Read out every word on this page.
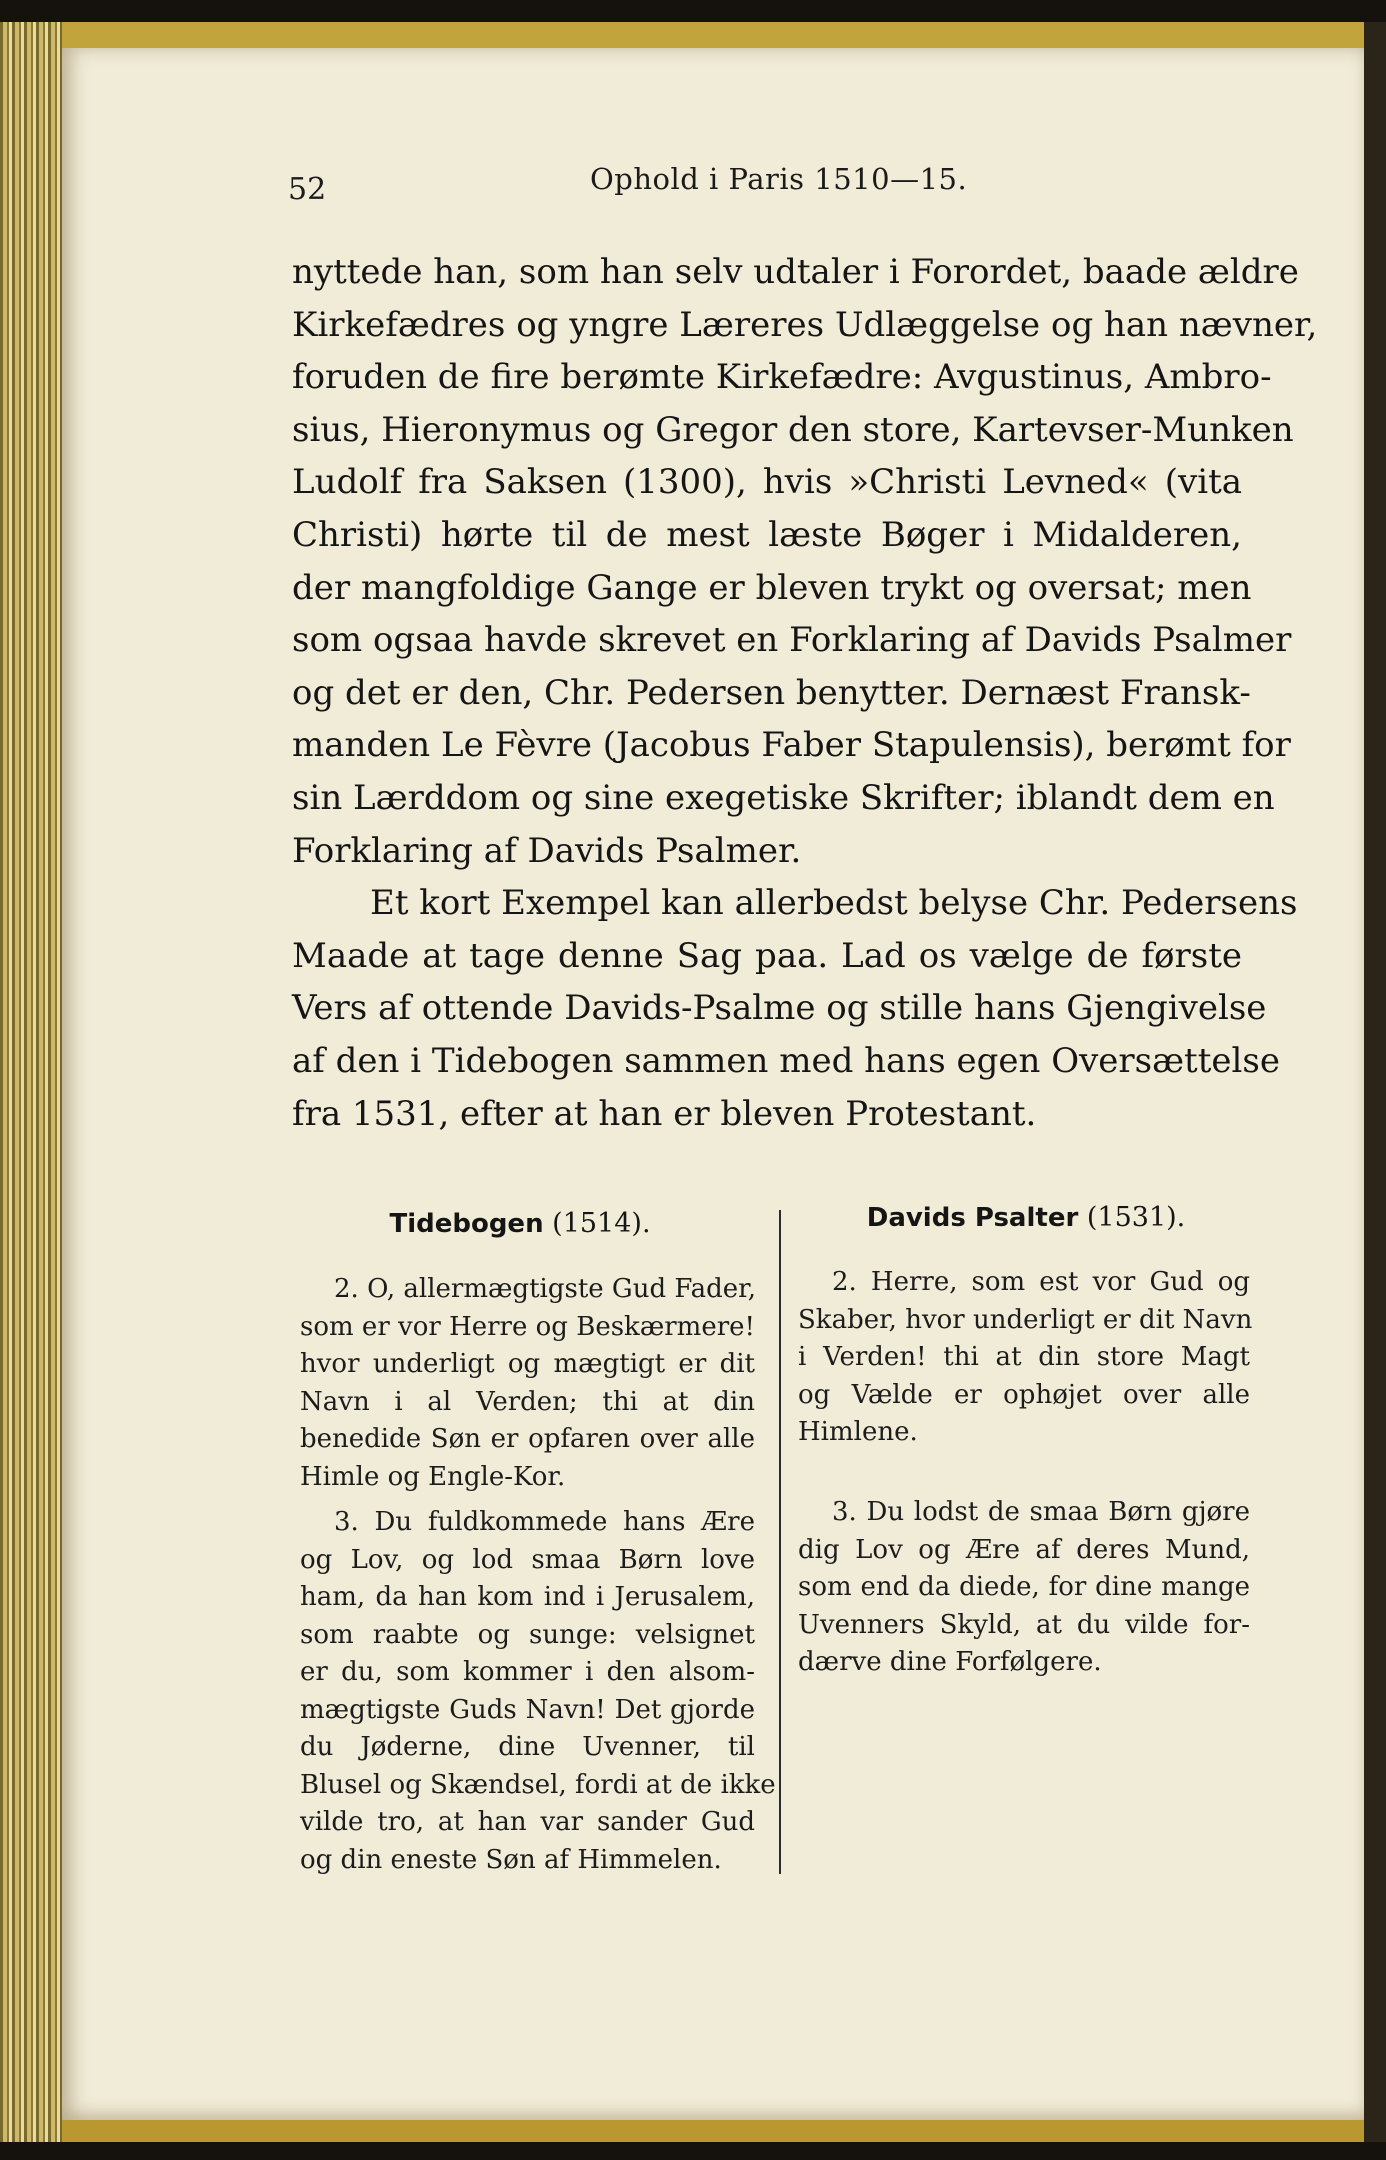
52	Ophold i Paris 1510—15.
nyttede han, som han selv udtaler i Forordet, baade ældre
Kirkefædres og yngre Læreres Udlæggelse og han nævner,
foruden de fire berømte Kirkefædre: Avgustinus, Ambro-
sius, Hieronymus og Gregor den store, Kartevser-Munken
Ludolf fra Saksen (1300), hvis »Christi Levned« (vita
Christi) hørte til de mest læste Bøger i Midalderen,
der mangfoldige Gange er bleven trykt og oversat; men
som ogsaa havde skrevet en Forklaring af Davids Psalmer
og det er den, Chr. Pedersen benytter. Dernæst Fransk-
manden Le Fèvre (Jacobus Faber Stapulensis), berømt for
sin Lærddom og sine exegetiske Skrifter; iblandt dem en
Forklaring af Davids Psalmer.
Et kort Exempel kan allerbedst belyse Chr. Pedersens
Maade at tage denne Sag paa. Lad os vælge de første
Vers af ottende Davids-Psalme og stille hans Gjengivelse
af den i Tidebogen sammen med hans egen Oversættelse
fra 1531, efter at han er bleven Protestant.
Tidebogen (1514).	Davids Psalter (1531).
2. O, allermægtigste Gud Fader,
som er vor Herre og Beskærmere!
hvor underligt og mægtigt er dit
Navn i al Verden; thi at din
benedide Søn er opfaren over alle
Himle og Engle-Kor.
3. Du fuldkommede hans Ære
og Lov, og lod smaa Børn love
ham, da han kom ind i Jerusalem,
som raabte og sunge: velsignet
er du, som kommer i den alsom-
mægtigste Guds Navn! Det gjorde
du Jøderne, dine Uvenner, til
Blusel og Skændsel, fordi at de ikke
vilde tro, at han var sander Gud
og din eneste Søn af Himmelen.
2. Herre, som est vor Gud og
Skaber, hvor underligt er dit Navn
i Verden! thi at din store Magt
og Vælde er ophøjet over alle
Himlene.
3. Du lodst de smaa Børn gjøre
dig Lov og Ære af deres Mund,
som end da diede, for dine mange
Uvenners Skyld, at du vilde for-
dærve dine Forfølgere.
